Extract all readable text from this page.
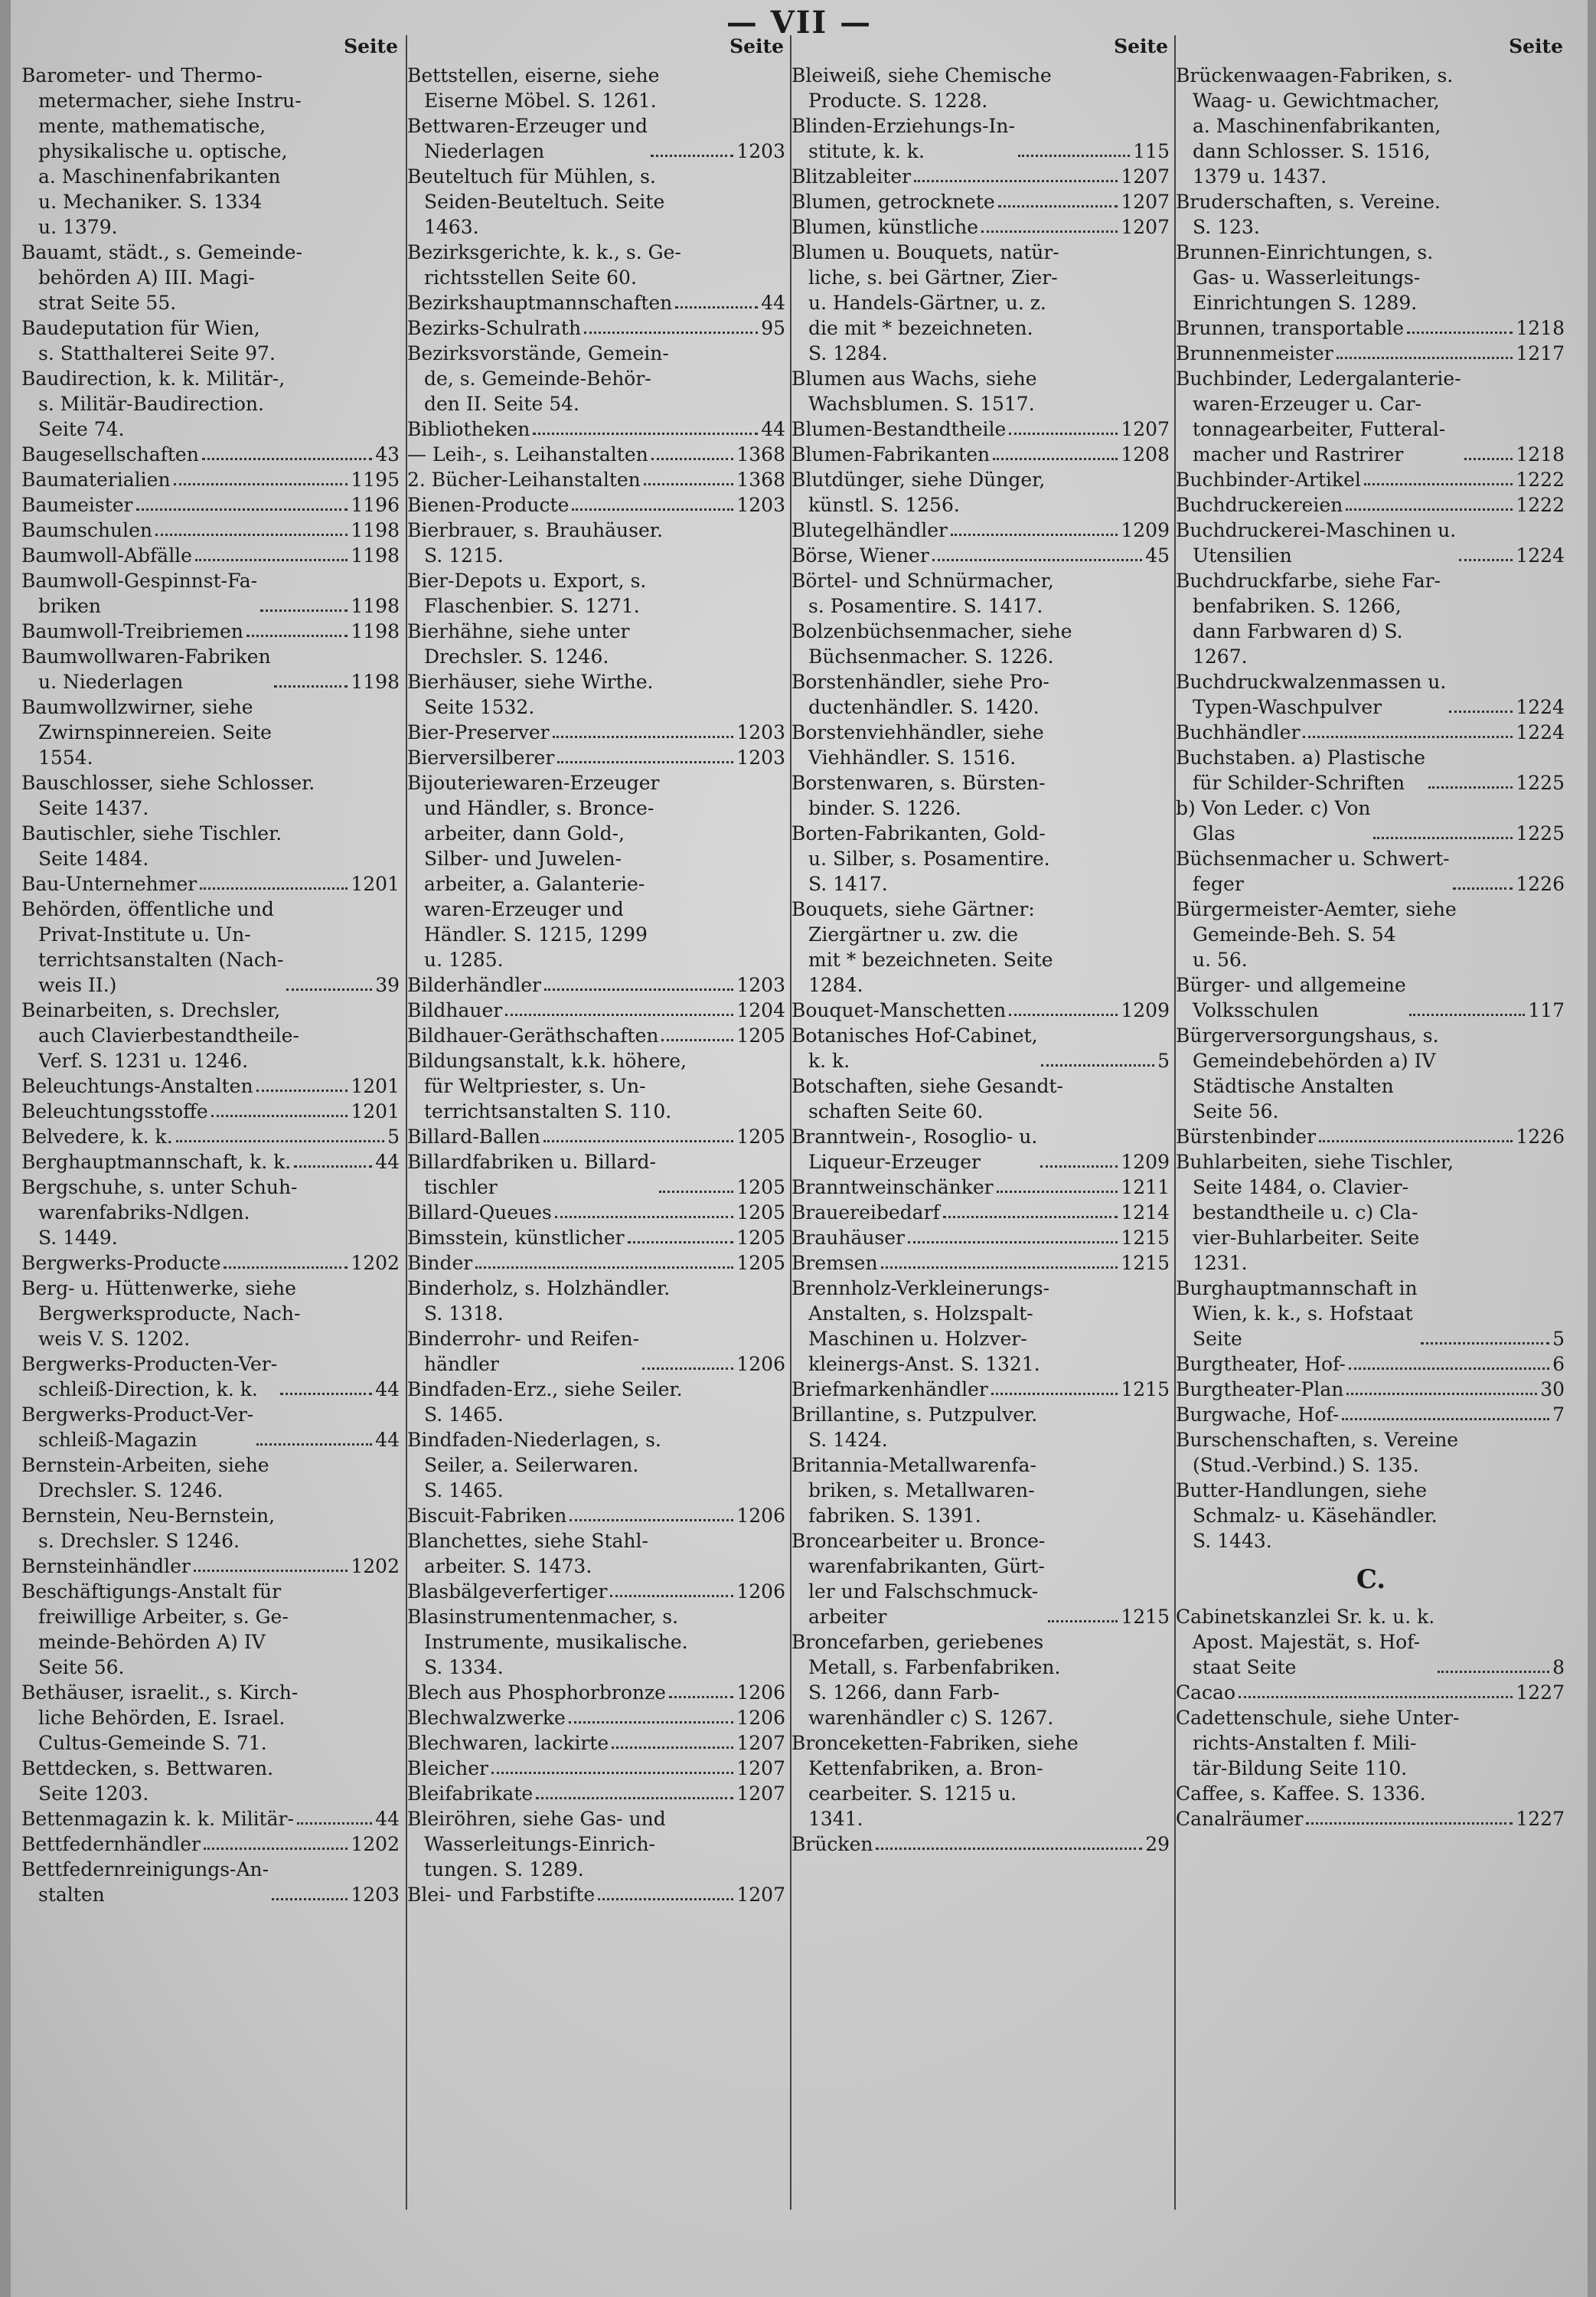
— VII —
Seite
Barometer- und Thermo-
metermacher, siehe Instru-
mente, mathematische,
physikalische u. optische,
a. Maschinenfabrikanten
u. Mechaniker. S. 1334
u. 1379.
Bauamt, städt., s. Gemeinde-
behörden A) III. Magi-
strat Seite 55.
Baudeputation für Wien,
s. Statthalterei Seite 97.
Baudirection, k. k. Militär-,
s. Militär-Baudirection.
Seite 74.
Baugesellschaften	43
Baumaterialien	1195
Baumeister	1196
Baumschulen	1198
Baumwoll-Abfälle	1198
Baumwoll-Gespinnst-Fa-
briken	1198
Baumwoll-Treibriemen	1198
Baumwollwaren-Fabriken
u. Niederlagen	1198
Baumwollzwirner, siehe
Zwirnspinnereien. Seite
1554.
Bauschlosser, siehe Schlosser.
Seite 1437.
Bautischler, siehe Tischler.
Seite 1484.
Bau-Unternehmer	1201
Behörden, öffentliche und
Privat-Institute u. Un-
terrichtsanstalten (Nach-
weis II.)	39
Beinarbeiten, s. Drechsler,
auch Clavierbestandtheile-
Verf. S. 1231 u. 1246.
Beleuchtungs-Anstalten	1201
Beleuchtungsstoffe	1201
Belvedere, k. k.	5
Berghauptmannschaft, k. k.	44
Bergschuhe, s. unter Schuh-
warenfabriks-Ndlgen.
S. 1449.
Bergwerks-Producte	1202
Berg- u. Hüttenwerke, siehe
Bergwerksproducte, Nach-
weis V. S. 1202.
Bergwerks-Producten-Ver-
schleiß-Direction, k. k.	44
Bergwerks-Product-Ver-
schleiß-Magazin	44
Bernstein-Arbeiten, siehe
Drechsler. S. 1246.
Bernstein, Neu-Bernstein,
s. Drechsler. S 1246.
Bernsteinhändler	1202
Beschäftigungs-Anstalt für
freiwillige Arbeiter, s. Ge-
meinde-Behörden A) IV
Seite 56.
Bethäuser, israelit., s. Kirch-
liche Behörden, E. Israel.
Cultus-Gemeinde S. 71.
Bettdecken, s. Bettwaren.
Seite 1203.
Bettenmagazin k. k. Militär-	44
Bettfedernhändler	1202
Bettfedernreinigungs-An-
stalten	1203
Seite
Bettstellen, eiserne, siehe
Eiserne Möbel. S. 1261.
Bettwaren-Erzeuger und
Niederlagen	1203
Beuteltuch für Mühlen, s.
Seiden-Beuteltuch. Seite
1463.
Bezirksgerichte, k. k., s. Ge-
richtsstellen Seite 60.
Bezirkshauptmannschaften	44
Bezirks-Schulrath	95
Bezirksvorstände, Gemein-
de, s. Gemeinde-Behör-
den II. Seite 54.
Bibliotheken	44
— Leih-, s. Leihanstalten	1368
2. Bücher-Leihanstalten	1368
Bienen-Producte	1203
Bierbrauer, s. Brauhäuser.
S. 1215.
Bier-Depots u. Export, s.
Flaschenbier. S. 1271.
Bierhähne, siehe unter
Drechsler. S. 1246.
Bierhäuser, siehe Wirthe.
Seite 1532.
Bier-Preserver	1203
Bierversilberer	1203
Bijouteriewaren-Erzeuger
und Händler, s. Bronce-
arbeiter, dann Gold-,
Silber- und Juwelen-
arbeiter, a. Galanterie-
waren-Erzeuger und
Händler. S. 1215, 1299
u. 1285.
Bilderhändler	1203
Bildhauer	1204
Bildhauer-Geräthschaften	1205
Bildungsanstalt, k.k. höhere,
für Weltpriester, s. Un-
terrichtsanstalten S. 110.
Billard-Ballen	1205
Billardfabriken u. Billard-
tischler	1205
Billard-Queues	1205
Bimsstein, künstlicher	1205
Binder	1205
Binderholz, s. Holzhändler.
S. 1318.
Binderrohr- und Reifen-
händler	1206
Bindfaden-Erz., siehe Seiler.
S. 1465.
Bindfaden-Niederlagen, s.
Seiler, a. Seilerwaren.
S. 1465.
Biscuit-Fabriken	1206
Blanchettes, siehe Stahl-
arbeiter. S. 1473.
Blasbälgeverfertiger	1206
Blasinstrumentenmacher, s.
Instrumente, musikalische.
S. 1334.
Blech aus Phosphorbronze	1206
Blechwalzwerke	1206
Blechwaren, lackirte	1207
Bleicher	1207
Bleifabrikate	1207
Bleiröhren, siehe Gas- und
Wasserleitungs-Einrich-
tungen. S. 1289.
Blei- und Farbstifte	1207
Seite
Bleiweiß, siehe Chemische
Producte. S. 1228.
Blinden-Erziehungs-In-
stitute, k. k.	115
Blitzableiter	1207
Blumen, getrocknete	1207
Blumen, künstliche	1207
Blumen u. Bouquets, natür-
liche, s. bei Gärtner, Zier-
u. Handels-Gärtner, u. z.
die mit * bezeichneten.
S. 1284.
Blumen aus Wachs, siehe
Wachsblumen. S. 1517.
Blumen-Bestandtheile	1207
Blumen-Fabrikanten	1208
Blutdünger, siehe Dünger,
künstl. S. 1256.
Blutegelhändler	1209
Börse, Wiener	45
Börtel- und Schnürmacher,
s. Posamentire. S. 1417.
Bolzenbüchsenmacher, siehe
Büchsenmacher. S. 1226.
Borstenhändler, siehe Pro-
ductenhändler. S. 1420.
Borstenviehhändler, siehe
Viehhändler. S. 1516.
Borstenwaren, s. Bürsten-
binder. S. 1226.
Borten-Fabrikanten, Gold-
u. Silber, s. Posamentire.
S. 1417.
Bouquets, siehe Gärtner:
Ziergärtner u. zw. die
mit * bezeichneten. Seite
1284.
Bouquet-Manschetten	1209
Botanisches Hof-Cabinet,
k. k.	5
Botschaften, siehe Gesandt-
schaften Seite 60.
Branntwein-, Rosoglio- u.
Liqueur-Erzeuger	1209
Branntweinschänker	1211
Brauereibedarf	1214
Brauhäuser	1215
Bremsen	1215
Brennholz-Verkleinerungs-
Anstalten, s. Holzspalt-
Maschinen u. Holzver-
kleinergs-Anst. S. 1321.
Briefmarkenhändler	1215
Brillantine, s. Putzpulver.
S. 1424.
Britannia-Metallwarenfa-
briken, s. Metallwaren-
fabriken. S. 1391.
Broncearbeiter u. Bronce-
warenfabrikanten, Gürt-
ler und Falschschmuck-
arbeiter	1215
Broncefarben, geriebenes
Metall, s. Farbenfabriken.
S. 1266, dann Farb-
warenhändler c) S. 1267.
Bronceketten-Fabriken, siehe
Kettenfabriken, a. Bron-
cearbeiter. S. 1215 u.
1341.
Brücken	29
Seite
Brückenwaagen-Fabriken, s.
Waag- u. Gewichtmacher,
a. Maschinenfabrikanten,
dann Schlosser. S. 1516,
1379 u. 1437.
Bruderschaften, s. Vereine.
S. 123.
Brunnen-Einrichtungen, s.
Gas- u. Wasserleitungs-
Einrichtungen S. 1289.
Brunnen, transportable	1218
Brunnenmeister	1217
Buchbinder, Ledergalanterie-
waren-Erzeuger u. Car-
tonnagearbeiter, Futteral-
macher und Rastrirer	1218
Buchbinder-Artikel	1222
Buchdruckereien	1222
Buchdruckerei-Maschinen u.
Utensilien	1224
Buchdruckfarbe, siehe Far-
benfabriken. S. 1266,
dann Farbwaren d) S.
1267.
Buchdruckwalzenmassen u.
Typen-Waschpulver	1224
Buchhändler	1224
Buchstaben. a) Plastische
für Schilder-Schriften	1225
b) Von Leder. c) Von
Glas	1225
Büchsenmacher u. Schwert-
feger	1226
Bürgermeister-Aemter, siehe
Gemeinde-Beh. S. 54
u. 56.
Bürger- und allgemeine
Volksschulen	117
Bürgerversorgungshaus, s.
Gemeindebehörden a) IV
Städtische Anstalten
Seite 56.
Bürstenbinder	1226
Buhlarbeiten, siehe Tischler,
Seite 1484, o. Clavier-
bestandtheile u. c) Cla-
vier-Buhlarbeiter. Seite
1231.
Burghauptmannschaft in
Wien, k. k., s. Hofstaat
Seite	5
Burgtheater, Hof-	6
Burgtheater-Plan	30
Burgwache, Hof-	7
Burschenschaften, s. Vereine
(Stud.-Verbind.) S. 135.
Butter-Handlungen, siehe
Schmalz- u. Käsehändler.
S. 1443.
C.
Cabinetskanzlei Sr. k. u. k.
Apost. Majestät, s. Hof-
staat Seite	8
Cacao	1227
Cadettenschule, siehe Unter-
richts-Anstalten f. Mili-
tär-Bildung Seite 110.
Caffee, s. Kaffee. S. 1336.
Canalräumer	1227
